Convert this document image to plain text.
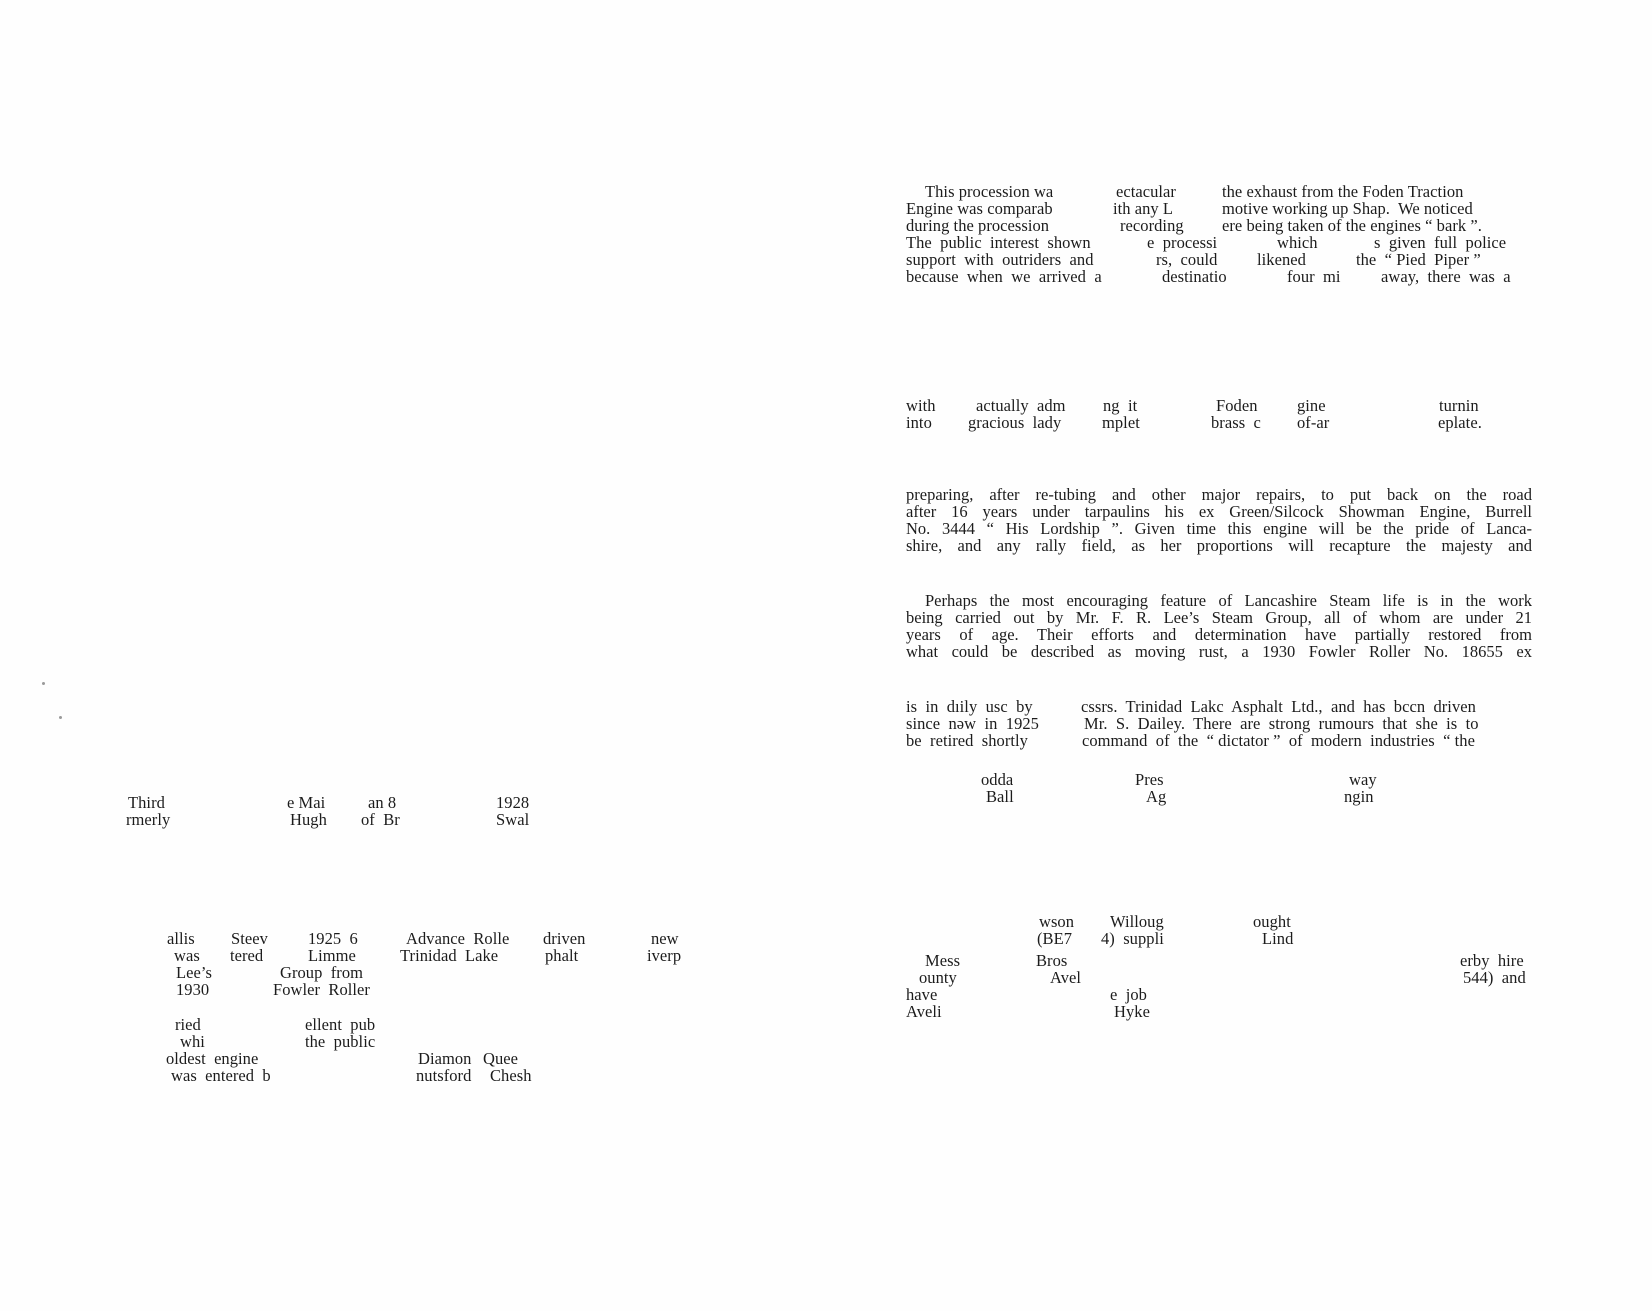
This procession wa	ectacular	the exhaust from the Foden Traction
Engine was comparab	ith any L	motive working up Shap.  We noticed
during the procession	recording ere being taken of the engines “ bark ”.
The  public  interest  shown	e  processi	which	s  given  full  police
support  with  outriders  and	rs,  could likened	the  “ Pied  Piper ”
because  when  we  arrived  a	destinatio	four  mi away,  there  was  a
with actually  adm ng  it	Foden gine	turnin
into gracious  lady mplet	brass  c of-ar	eplate.
preparing, after re-tubing and other major repairs, to put back on the road
after 16 years under tarpaulins his ex Green/Silcock Showman Engine, Burrell
No. 3444 “ His Lordship ”. Given time this engine will be the pride of Lanca-
shire, and any rally field, as her proportions will recapture the majesty and
Perhaps the most encouraging feature of Lancashire Steam life is in the work
being carried out by Mr. F. R. Lee’s Steam Group, all of whom are under 21
years of age. Their efforts and determination have partially restored from
what could be described as moving rust, a 1930 Fowler Roller No. 18655 ex
is  in  dıily  usc  by	cssrs.  Trinidad  Lakc  Asphalt  Ltd.,  and  has  bccn  driven
since  nəw  in  1925	Mr.  S.  Dailey.  There  are  strong  rumours  that  she  is  to
be  retired  shortly	command  of  the  “ dictator ”  of  modern  industries  “ the
odda	Pres	way
Ball	Ag	ngin
wson Willoug	ought
(BE7 4)  suppli	Lind
Mess	Bros	erby  hire
ounty	Avel	544)  and
have	e  job
Aveli	Hyke
Third	e Mai	an 8	1928
rmerly	Hugh of  Br	Swal
allis Steev 1925  6	Advance  Rolle driven	new
was tered	Limme	Trinidad  Lake	phalt	iverp
Lee’s	Group  from
1930	Fowler  Roller
ried	ellent  pub
whi	the  public
oldest  engine	Diamon Quee
was  entered  b	nutsford Chesh
